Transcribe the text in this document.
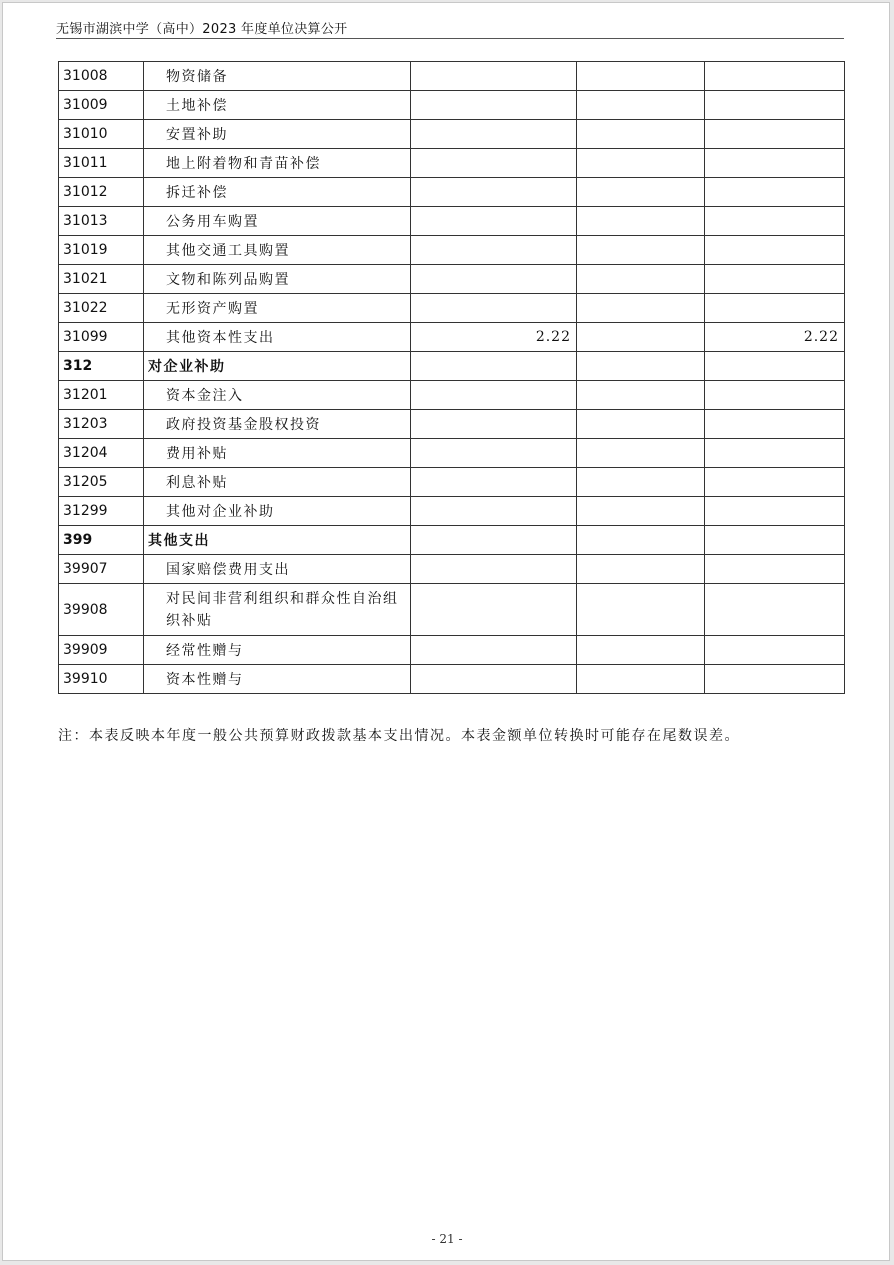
无锡市湖滨中学（高中）2023 年度单位决算公开
31008	物资储备			
31009	土地补偿			
31010	安置补助			
31011	地上附着物和青苗补偿			
31012	拆迁补偿			
31013	公务用车购置			
31019	其他交通工具购置			
31021	文物和陈列品购置			
31022	无形资产购置			
31099	其他资本性支出	2.22		2.22
312	对企业补助			
31201	资本金注入			
31203	政府投资基金股权投资			
31204	费用补贴			
31205	利息补贴			
31299	其他对企业补助			
399	其他支出			
39907	国家赔偿费用支出			
39908	对民间非营利组织和群众性自治组织补贴			
39909	经常性赠与			
39910	资本性赠与			
注：本表反映本年度一般公共预算财政拨款基本支出情况。本表金额单位转换时可能存在尾数误差。
- 21 -
